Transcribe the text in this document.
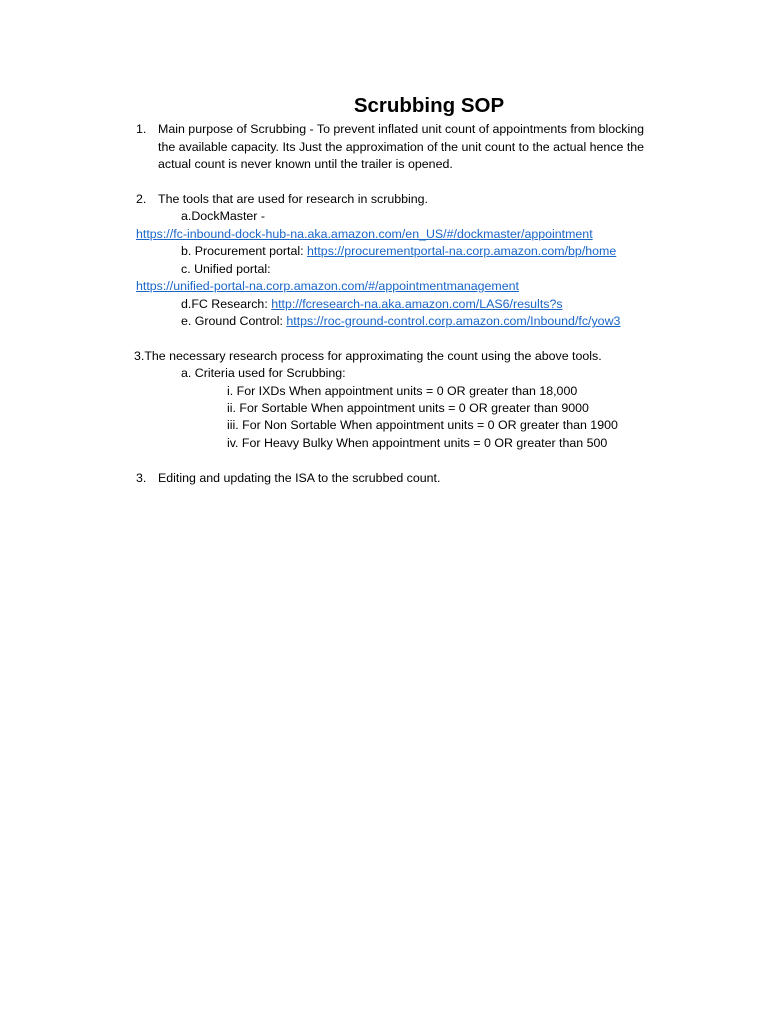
Scrubbing SOP
1. Main purpose of Scrubbing - To prevent inflated unit count of appointments from blocking
the available capacity. Its Just the approximation of the unit count to the actual hence the
actual count is never known until the trailer is opened.
2. The tools that are used for research in scrubbing.
a.DockMaster -
https://fc-inbound-dock-hub-na.aka.amazon.com/en_US/#/dockmaster/appointment
b. Procurement portal: https://procurementportal-na.corp.amazon.com/bp/home
c. Unified portal:
https://unified-portal-na.corp.amazon.com/#/appointmentmanagement
d.FC Research: http://fcresearch-na.aka.amazon.com/LAS6/results?s
e. Ground Control: https://roc-ground-control.corp.amazon.com/Inbound/fc/yow3
3.The necessary research process for approximating the count using the above tools.
a. Criteria used for Scrubbing:
i. For IXDs When appointment units = 0 OR greater than 18,000
ii. For Sortable When appointment units = 0 OR greater than 9000
iii. For Non Sortable When appointment units = 0 OR greater than 1900
iv. For Heavy Bulky When appointment units = 0 OR greater than 500
3. Editing and updating the ISA to the scrubbed count.
